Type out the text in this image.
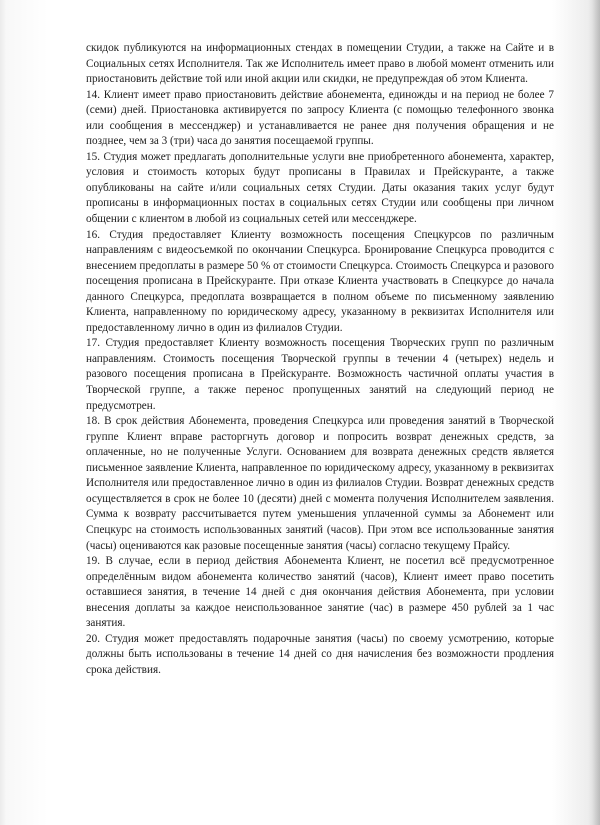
скидок публикуются на информационных стендах в помещении Студии, а также на Сайте и в Социальных сетях Исполнителя. Так же Исполнитель имеет право в любой момент отменить или приостановить действие той или иной акции или скидки, не предупреждая об этом Клиента.

14. Клиент имеет право приостановить действие абонемента, единожды и на период не более 7 (семи) дней. Приостановка активируется по запросу Клиента (с помощью телефонного звонка или сообщения в мессенджер) и устанавливается не ранее дня получения обращения и не позднее, чем за 3 (три) часа до занятия посещаемой группы.

15. Студия может предлагать дополнительные услуги вне приобретенного абонемента, характер, условия и стоимость которых будут прописаны в Правилах и Прейскуранте, а также опубликованы на сайте и/или социальных сетях Студии. Даты оказания таких услуг будут прописаны в информационных постах в социальных сетях Студии или сообщены при личном общении с клиентом в любой из социальных сетей или мессенджере.

16. Студия предоставляет Клиенту возможность посещения Спецкурсов по различным направлениям с видеосъемкой по окончании Спецкурса. Бронирование Спецкурса проводится с внесением предоплаты в размере 50 % от стоимости Спецкурса. Стоимость Спецкурса и разового посещения прописана в Прейскуранте. При отказе Клиента участвовать в Спецкурсе до начала данного Спецкурса, предоплата возвращается в полном объеме по письменному заявлению Клиента, направленному по юридическому адресу, указанному в реквизитах Исполнителя или предоставленному лично в один из филиалов Студии.

17. Студия предоставляет Клиенту возможность посещения Творческих групп по различным направлениям. Стоимость посещения Творческой группы в течении 4 (четырех) недель и разового посещения прописана в Прейскуранте. Возможность частичной оплаты участия в Творческой группе, а также перенос пропущенных занятий на следующий период не предусмотрен.

18. В срок действия Абонемента, проведения Спецкурса или проведения занятий в Творческой группе Клиент вправе расторгнуть договор и попросить возврат денежных средств, за оплаченные, но не полученные Услуги. Основанием для возврата денежных средств является письменное заявление Клиента, направленное по юридическому адресу, указанному в реквизитах Исполнителя или предоставленное лично в один из филиалов Студии. Возврат денежных средств осуществляется в срок не более 10 (десяти) дней с момента получения Исполнителем заявления. Сумма к возврату рассчитывается путем уменьшения уплаченной суммы за Абонемент или Спецкурс на стоимость использованных занятий (часов). При этом все использованные занятия (часы) оцениваются как разовые посещенные занятия (часы) согласно текущему Прайсу.

19. В случае, если в период действия Абонемента Клиент, не посетил всё предусмотренное определённым видом абонемента количество занятий (часов), Клиент имеет право посетить оставшиеся занятия, в течение 14 дней с дня окончания действия Абонемента, при условии внесения доплаты за каждое неиспользованное занятие (час) в размере 450 рублей за 1 час занятия.

20. Студия может предоставлять подарочные занятия (часы) по своему усмотрению, которые должны быть использованы в течение 14 дней со дня начисления без возможности продления срока действия.
